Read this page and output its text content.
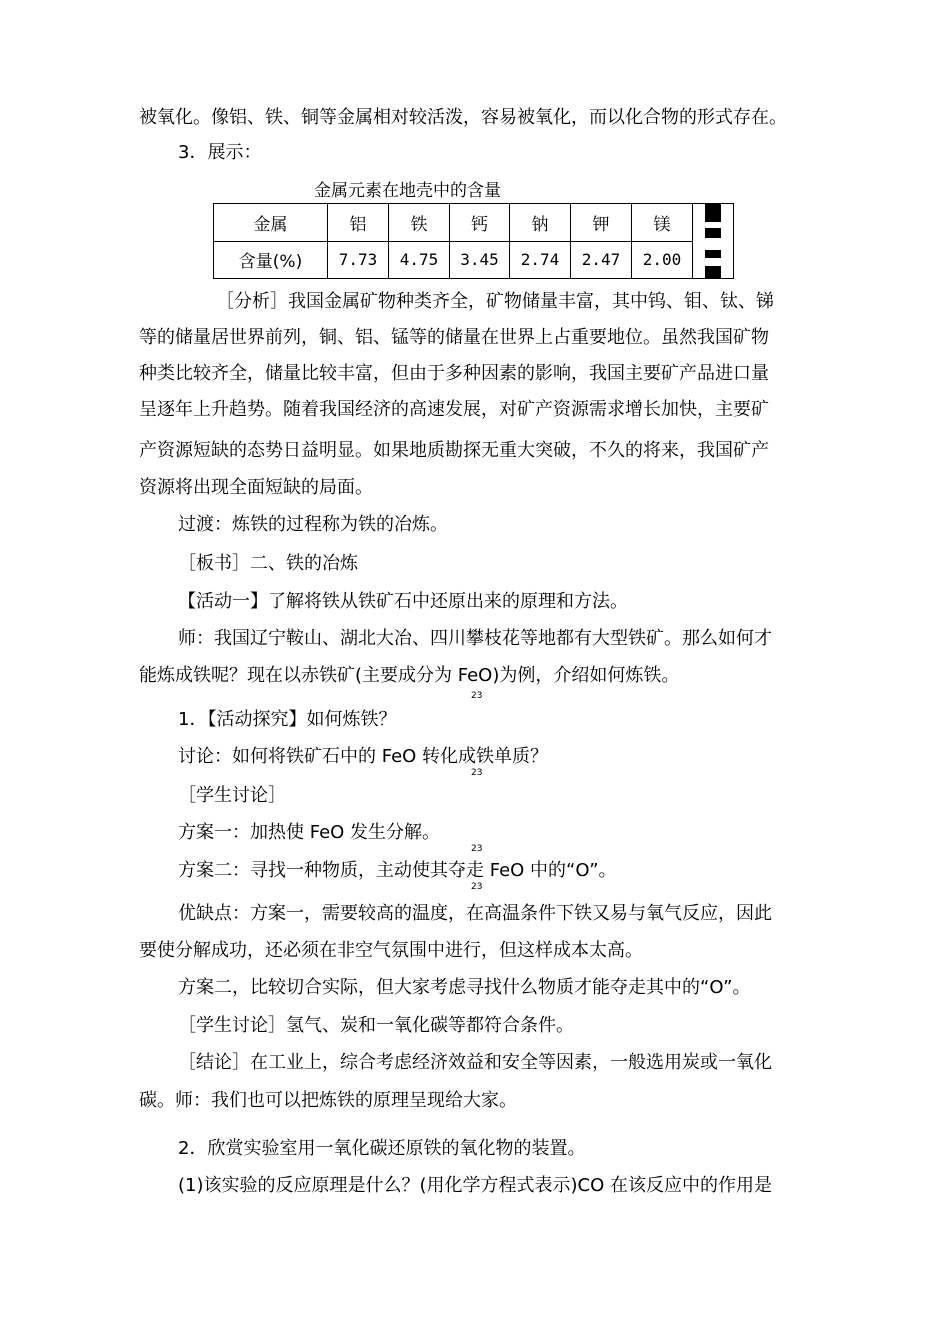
被氧化。像铝、铁、铜等金属相对较活泼，容易被氧化，而以化合物的形式存在。
3．展示：
金属元素在地壳中的含量
金属	铝	铁	钙	钠	钾	镁	

含量(%)	7.73	4.75	3.45	2.74	2.47	2.00	
［分析］我国金属矿物种类齐全，矿物储量丰富，其中钨、钼、钛、锑
等的储量居世界前列，铜、铝、锰等的储量在世界上占重要地位。虽然我国矿物
种类比较齐全，储量比较丰富，但由于多种因素的影响，我国主要矿产品进口量
呈逐年上升趋势。随着我国经济的高速发展，对矿产资源需求增长加快，主要矿
产资源短缺的态势日益明显。如果地质勘探无重大突破，不久的将来，我国矿产
资源将出现全面短缺的局面。
过渡：炼铁的过程称为铁的冶炼。
［板书］二、铁的冶炼
【活动一】了解将铁从铁矿石中还原出来的原理和方法。
师：我国辽宁鞍山、湖北大冶、四川攀枝花等地都有大型铁矿。那么如何才
能炼成铁呢？现在以赤铁矿(主要成分为 FeO)为例，介绍如何炼铁。
23
1．【活动探究】如何炼铁？
讨论：如何将铁矿石中的 FeO 转化成铁单质？
23
［学生讨论］
方案一：加热使 FeO 发生分解。
23
方案二：寻找一种物质，主动使其夺走 FeO 中的“O”。
23
优缺点：方案一，需要较高的温度，在高温条件下铁又易与氧气反应，因此
要使分解成功，还必须在非空气氛围中进行，但这样成本太高。
方案二，比较切合实际，但大家考虑寻找什么物质才能夺走其中的“O”。
［学生讨论］氢气、炭和一氧化碳等都符合条件。
［结论］在工业上，综合考虑经济效益和安全等因素，一般选用炭或一氧化
碳。师：我们也可以把炼铁的原理呈现给大家。
2．欣赏实验室用一氧化碳还原铁的氧化物的装置。
(1)该实验的反应原理是什么？(用化学方程式表示)CO 在该反应中的作用是
